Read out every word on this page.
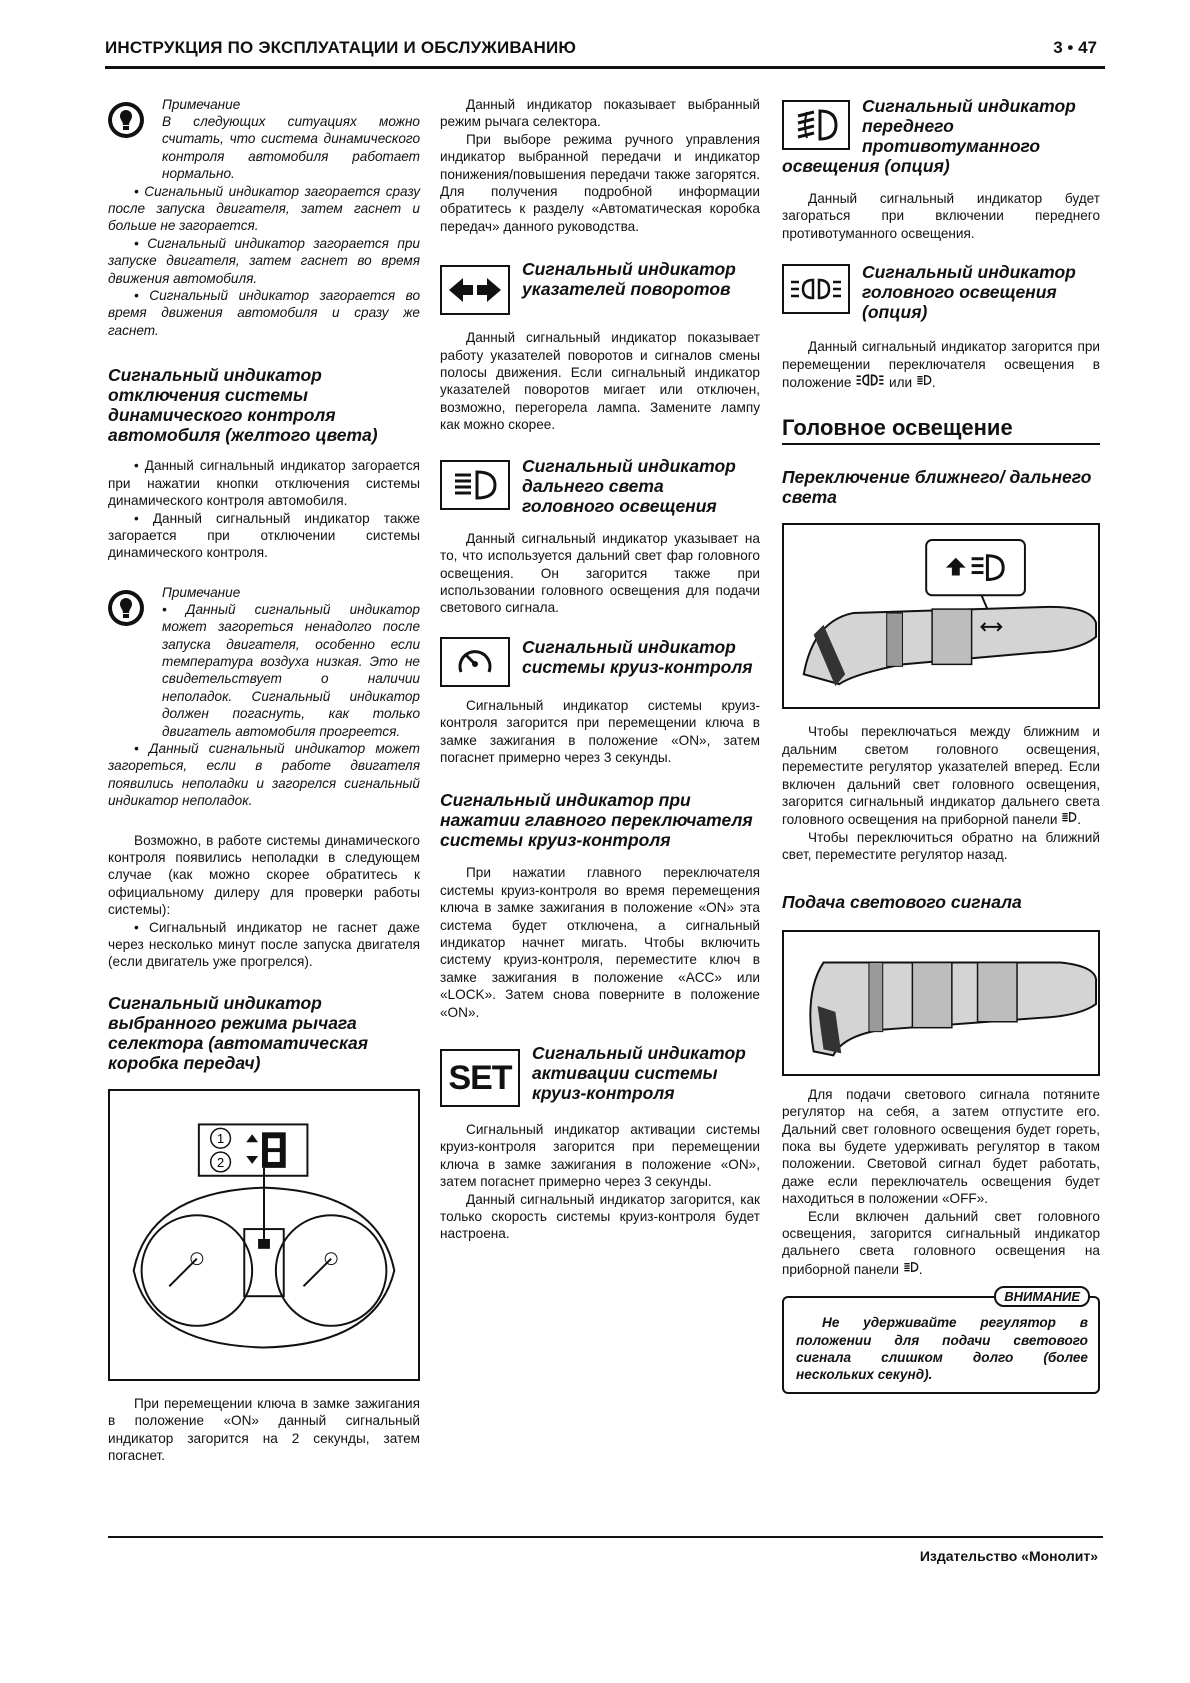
ИНСТРУКЦИЯ ПО ЭКСПЛУАТАЦИИ И ОБСЛУЖИВАНИЮ	3 • 47
Примечание

В следующих ситуациях можно считать, что система динамического контроля автомобиля работает нормально.

• Сигнальный индикатор загорается сразу после запуска двигателя, затем гаснет и больше не загорается.

• Сигнальный индикатор загорается при запуске двигателя, затем гаснет во время движения автомобиля.

• Сигнальный индикатор загорается во время движения автомобиля и сразу же гаснет.

Сигнальный индикатор отключения системы динамического контроля автомобиля (желтого цвета)

• Данный сигнальный индикатор загорается при нажатии кнопки отключения системы динамического контроля автомобиля.

• Данный сигнальный индикатор также загорается при отключении системы динамического контроля.

Примечание

• Данный сигнальный индикатор может загореться ненадолго после запуска двигателя, особенно если температура воздуха низкая. Это не свидетельствует о наличии неполадок. Сигнальный индикатор должен погаснуть, как только двигатель автомобиля прогреется.

• Данный сигнальный индикатор может загореться, если в работе двигателя появились неполадки и загорелся сигнальный индикатор неполадок.

Возможно, в работе системы динамического контроля появились неполадки в следующем случае (как можно скорее обратитесь к официальному дилеру для проверки работы системы):

• Сигнальный индикатор не гаснет даже через несколько минут после запуска двигателя (если двигатель уже прогрелся).

Сигнальный индикатор выбранного режима рычага селектора (автоматическая коробка передач)
1
2

При перемещении ключа в замке зажигания в положение «ON» данный сигнальный индикатор загорится на 2 секунды, затем погаснет.

Данный индикатор показывает выбранный режим рычага селектора.

При выборе режима ручного управления индикатор выбранной передачи и индикатор понижения/повышения передачи также загорятся. Для получения подробной информации обратитесь к разделу «Автоматическая коробка передач» данного руководства.

Сигнальный индикатор указателей поворотов

Данный сигнальный индикатор показывает работу указателей поворотов и сигналов смены полосы движения. Если сигнальный индикатор указателей поворотов мигает или отключен, возможно, перегорела лампа. Замените лампу как можно скорее.

Сигнальный индикатор дальнего света головного освещения

Данный сигнальный индикатор указывает на то, что используется дальний свет фар головного освещения. Он загорится также при использовании головного освещения для подачи светового сигнала.

Сигнальный индикатор системы круиз-контроля

Сигнальный индикатор системы круиз-контроля загорится при перемещении ключа в замке зажигания в положение «ON», затем погаснет примерно через 3 секунды.

Сигнальный индикатор при нажатии главного переключателя системы круиз-контроля

При нажатии главного переключателя системы круиз-контроля во время перемещения ключа в замке зажигания в положение «ON» эта система будет отключена, а сигнальный индикатор начнет мигать. Чтобы включить систему круиз-контроля, переместите ключ в замке зажигания в положение «ACC» или «LOCK». Затем снова поверните в положение «ON».

SET
Сигнальный индикатор активации системы круиз-контроля

Сигнальный индикатор активации системы круиз-контроля загорится при перемещении ключа в замке зажигания в положение «ON», затем погаснет примерно через 3 секунды.

Данный сигнальный индикатор загорится, как только скорость системы круиз-контроля будет настроена.

Сигнальный индикатор переднего противотуманного освещения (опция)

Данный сигнальный индикатор будет загораться при включении переднего противотуманного освещения.

Сигнальный индикатор головного освещения (опция)

Данный сигнальный индикатор загорится при перемещении переключателя освещения в положение	или .

Головное освещение
Переключение ближнего/ дальнего света

Чтобы переключаться между ближним и дальним светом головного освещения, переместите регулятор указателей вперед. Если включен дальний свет головного освещения, загорится сигнальный индикатор дальнего света головного освещения на приборной панели .

Чтобы переключиться обратно на ближний свет, переместите регулятор назад.

Подача светового сигнала

Для подачи светового сигнала потяните регулятор на себя, а затем отпустите его. Дальний свет головного освещения будет гореть, пока вы будете удерживать регулятор в таком положении. Световой сигнал будет работать, даже если переключатель освещения будет находиться в положении «OFF».

Если включен дальний свет головного освещения, загорится сигнальный индикатор дальнего света головного освещения на приборной панели .

ВНИМАНИЕ

Не удерживайте регулятор в положении для подачи светового сигнала слишком долго (более нескольких секунд).

Издательство «Монолит»
